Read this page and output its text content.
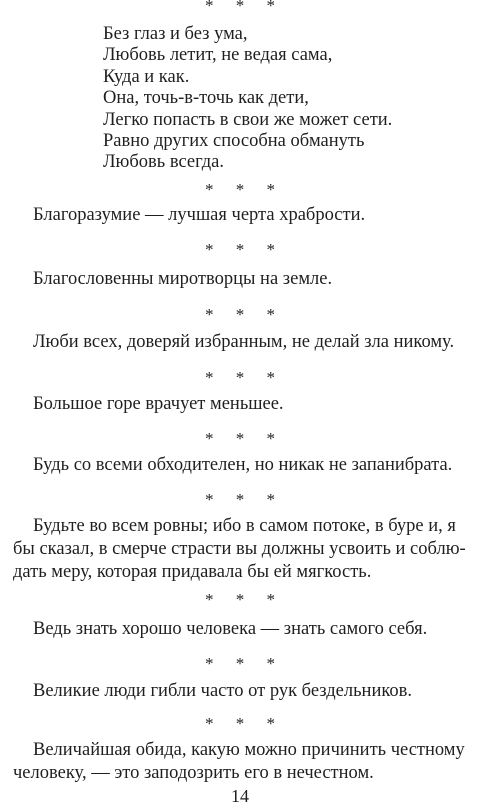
* * *
Без глаз и без ума,
Любовь летит, не ведая сама,
Куда и как.
Она, точь-в-точь как дети,
Легко попасть в свои же может сети.
Равно других способна обмануть
Любовь всегда.
* * *
Благоразумие — лучшая черта храбрости.
* * *
Благословенны миротворцы на земле.
* * *
Люби всех, доверяй избранным, не делай зла никому.
* * *
Большое горе врачует меньшее.
* * *
Будь со всеми обходителен, но никак не запанибрата.
* * *
Будьте во всем ровны; ибо в самом потоке, в буре и, я
бы сказал, в смерче страсти вы должны усвоить и соблю-
дать меру, которая придавала бы ей мягкость.
* * *
Ведь знать хорошо человека — знать самого себя.
* * *
Великие люди гибли часто от рук бездельников.
* * *
Величайшая обида, какую можно причинить честному
человеку, — это заподозрить его в нечестном.
14
